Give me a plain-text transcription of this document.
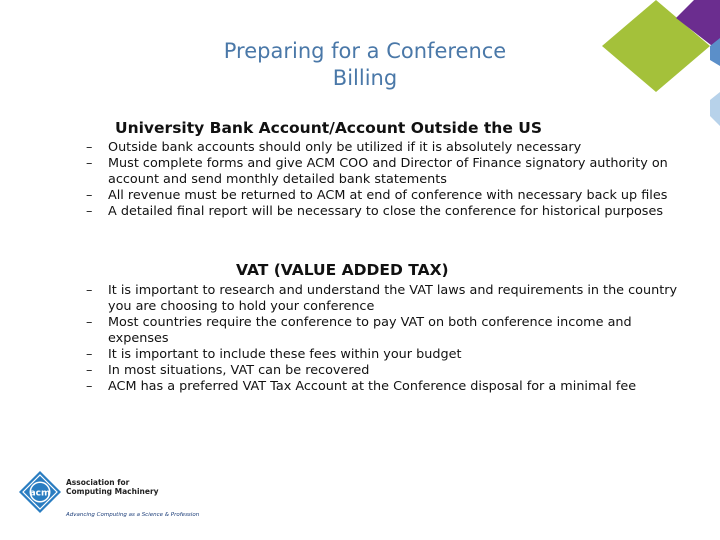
Preparing for a Conference
Billing
University Bank Account/Account Outside the US
– Outside bank accounts should only be utilized if it is absolutely necessary
– Must complete forms and give ACM COO and Director of Finance signatory authority on account and send monthly detailed bank statements
– All revenue must be returned to ACM at end of conference with necessary back up files
– A detailed final report will be necessary to close the conference for historical purposes
VAT (VALUE ADDED TAX)
– It is important to research and understand the VAT laws and requirements in the country you are choosing to hold your conference
– Most countries require the conference to pay VAT on both conference income and expenses
– It is important to include these fees within your budget
– In most situations, VAT can be recovered
– ACM has a preferred VAT Tax Account at the Conference disposal for a minimal fee
acm
Association for
Computing Machinery
Advancing Computing as a Science & Profession
